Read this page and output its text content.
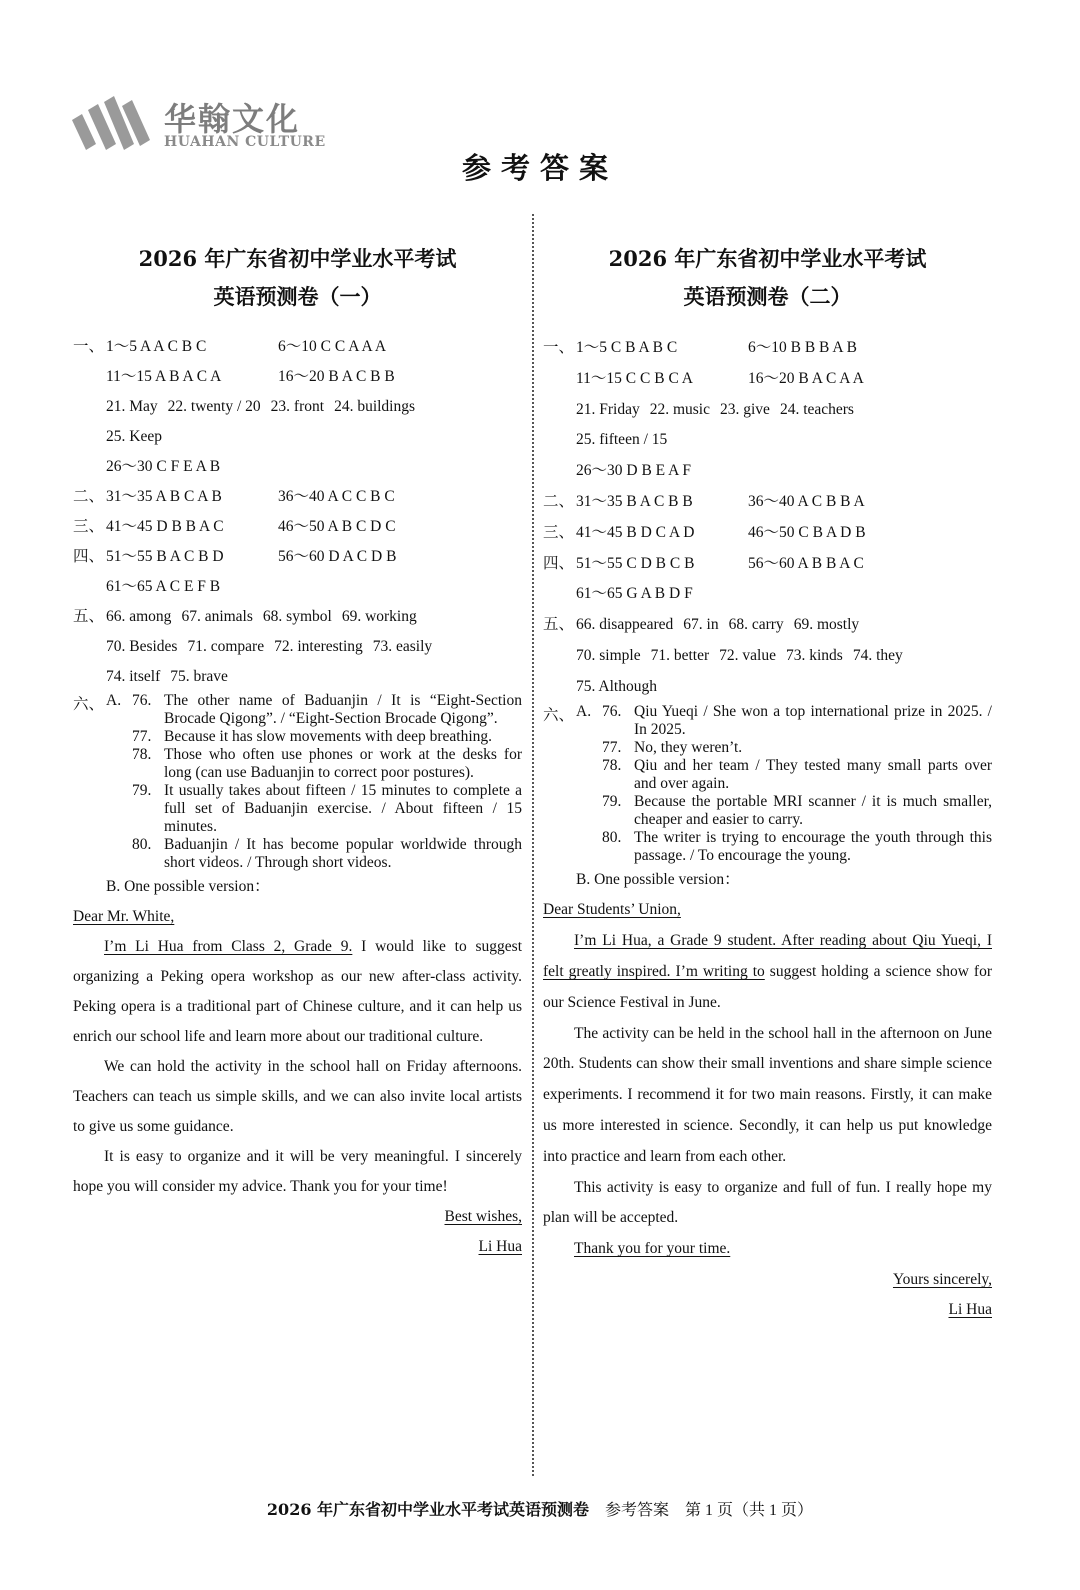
华翰文化
HUAHAN CULTURE
参考答案
2026 年广东省初中学业水平考试
英语预测卷（一）
一、 1～5 A A C B C	6～10 C C A A A
11～15 A B A C A	16～20 B A C B B
21. May 22. twenty / 20 23. front 24. buildings
25. Keep
26～30 C F E A B
二、 31～35 A B C A B	36～40 A C C B C
三、 41～45 D B B A C	46～50 A B C D C
四、 51～55 B A C B D	56～60 D A C D B
61～65 A C E F B
五、 66. among 67. animals 68. symbol 69. working
70. Besides 71. compare 72. interesting 73. easily
74. itself 75. brave
六、 A. 76. The other name of Baduanjin / It is “Eight-Section Brocade Qigong”. / “Eight-Section Brocade Qigong”.
77. Because it has slow movements with deep breathing.
78. Those who often use phones or work at the desks for long (can use Baduanjin to correct poor postures).
79. It usually takes about fifteen / 15 minutes to complete a full set of Baduanjin exercise. / About fifteen / 15 minutes.
80. Baduanjin / It has become popular worldwide through short videos. / Through short videos.
B. One possible version：
Dear Mr. White,
I’m Li Hua from Class 2, Grade 9. I would like to suggest organizing a Peking opera workshop as our new after-class activity. Peking opera is a traditional part of Chinese culture, and it can help us enrich our school life and learn more about our traditional culture.
We can hold the activity in the school hall on Friday afternoons. Teachers can teach us simple skills, and we can also invite local artists to give us some guidance.
It is easy to organize and it will be very meaningful. I sincerely hope you will consider my advice. Thank you for your time!
Best wishes,
Li Hua
2026 年广东省初中学业水平考试
英语预测卷（二）
一、 1～5 C B A B C	6～10 B B B A B
11～15 C C B C A	16～20 B A C A A
21. Friday 22. music 23. give 24. teachers
25. fifteen / 15
26～30 D B E A F
二、 31～35 B A C B B	36～40 A C B B A
三、 41～45 B D C A D	46～50 C B A D B
四、 51～55 C D B C B	56～60 A B B A C
61～65 G A B D F
五、 66. disappeared 67. in 68. carry 69. mostly
70. simple 71. better 72. value 73. kinds 74. they
75. Although
六、 A. 76. Qiu Yueqi / She won a top international prize in 2025. / In 2025.
77. No, they weren’t.
78. Qiu and her team / They tested many small parts over and over again.
79. Because the portable MRI scanner / it is much smaller, cheaper and easier to carry.
80. The writer is trying to encourage the youth through this passage. / To encourage the young.
B. One possible version：
Dear Students’ Union,
I’m Li Hua, a Grade 9 student. After reading about Qiu Yueqi, I felt greatly inspired. I’m writing to suggest holding a science show for our Science Festival in June.
The activity can be held in the school hall in the afternoon on June 20th. Students can show their small inventions and share simple science experiments. I recommend it for two main reasons. Firstly, it can make us more interested in science. Secondly, it can help us put knowledge into practice and learn from each other.
This activity is easy to organize and full of fun. I really hope my plan will be accepted.
Thank you for your time.
Yours sincerely,
Li Hua
2026 年广东省初中学业水平考试英语预测卷 参考答案 第 1 页（共 1 页）
